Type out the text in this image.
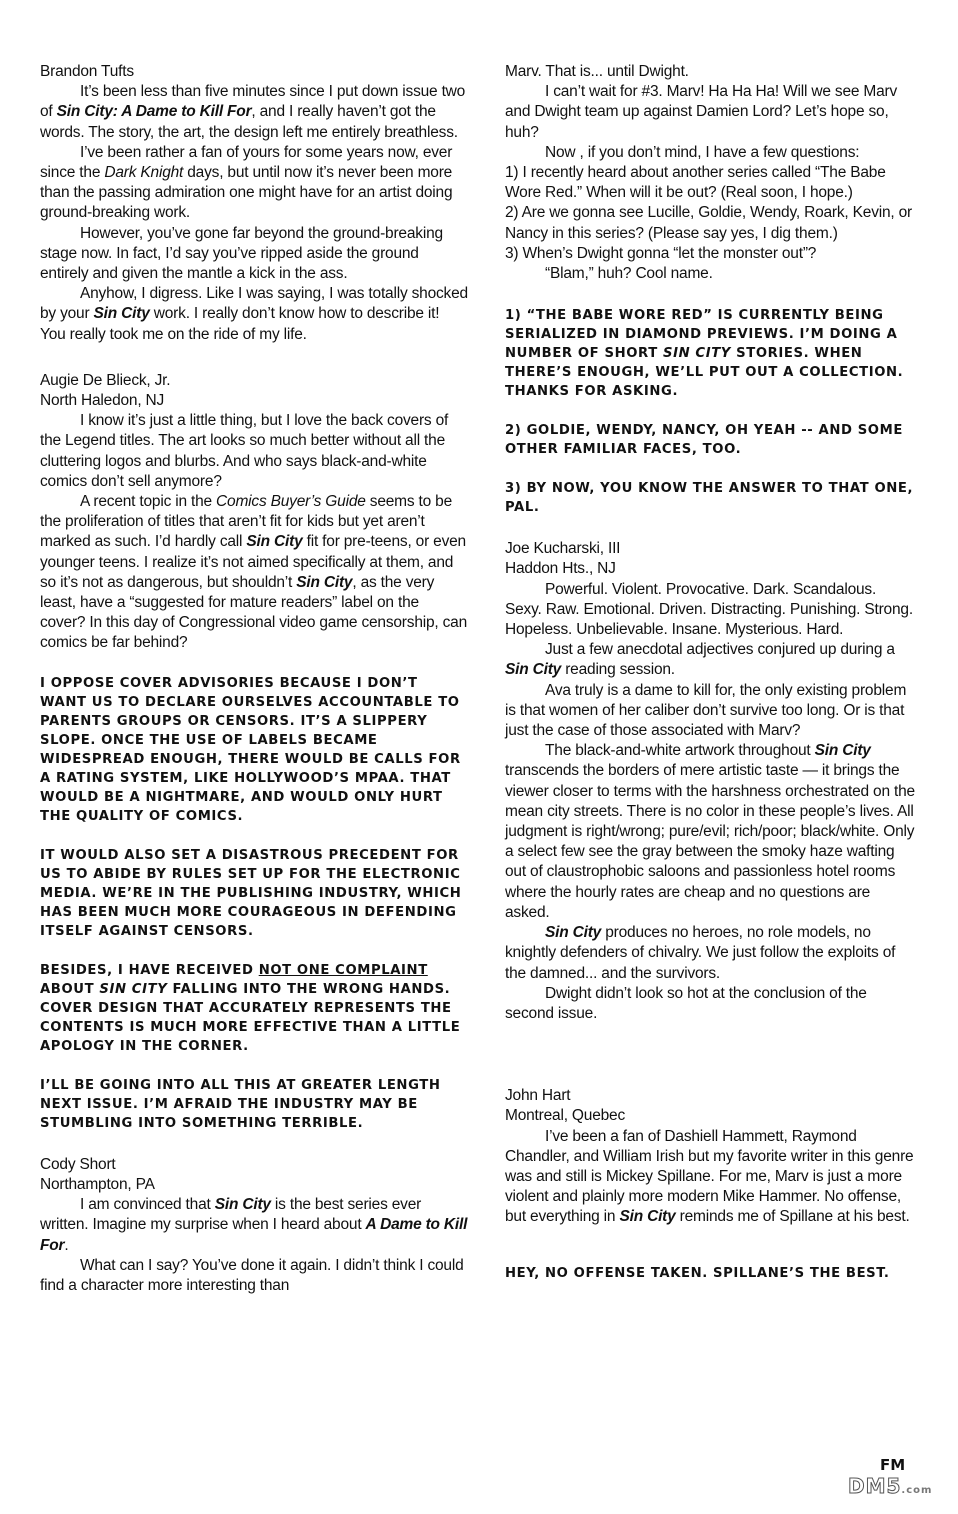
Brandon Tufts

It’s been less than five minutes since I put down issue two of Sin City: A Dame to Kill For, and I really haven’t got the words. The story, the art, the design left me entirely breathless.

I’ve been rather a fan of yours for some years now, ever since the Dark Knight days, but until now it’s never been more than the passing admiration one might have for an artist doing ground-breaking work.

However, you’ve gone far beyond the ground-breaking stage now. In fact, I’d say you’ve ripped aside the ground entirely and given the mantle a kick in the ass.

Anyhow, I digress. Like I was saying, I was totally shocked by your Sin City work. I really don’t know how to describe it! You really took me on the ride of my life.

Augie De Blieck, Jr.

North Haledon, NJ

I know it’s just a little thing, but I love the back covers of the Legend titles. The art looks so much better without all the cluttering logos and blurbs. And who says black-and-white comics don’t sell anymore?

A recent topic in the Comics Buyer’s Guide seems to be the proliferation of titles that aren’t fit for kids but yet aren’t marked as such. I’d hardly call Sin City fit for pre-teens, or even younger teens. I realize it’s not aimed specifically at them, and so it’s not as dangerous, but shouldn’t Sin City, as the very least, have a “suggested for mature readers” label on the cover? In this day of Congressional video game censorship, can comics be far behind?

I OPPOSE COVER ADVISORIES BECAUSE I DON’T WANT US TO DECLARE OURSELVES ACCOUNTABLE TO PARENTS GROUPS OR CENSORS. IT’S A SLIPPERY SLOPE. ONCE THE USE OF LABELS BECAME WIDESPREAD ENOUGH, THERE WOULD BE CALLS FOR A RATING SYSTEM, LIKE HOLLYWOOD’S MPAA. THAT WOULD BE A NIGHTMARE, AND WOULD ONLY HURT THE QUALITY OF COMICS.

IT WOULD ALSO SET A DISASTROUS PRECEDENT FOR US TO ABIDE BY RULES SET UP FOR THE ELECTRONIC MEDIA. WE’RE IN THE PUBLISHING INDUSTRY, WHICH HAS BEEN MUCH MORE COURAGEOUS IN DEFENDING ITSELF AGAINST CENSORS.

BESIDES, I HAVE RECEIVED NOT ONE COMPLAINT ABOUT SIN CITY FALLING INTO THE WRONG HANDS. COVER DESIGN THAT ACCURATELY REPRESENTS THE CONTENTS IS MUCH MORE EFFECTIVE THAN A LITTLE APOLOGY IN THE CORNER.

I’LL BE GOING INTO ALL THIS AT GREATER LENGTH NEXT ISSUE. I’M AFRAID THE INDUSTRY MAY BE STUMBLING INTO SOMETHING TERRIBLE.

Cody Short

Northampton, PA

I am convinced that Sin City is the best series ever written. Imagine my surprise when I heard about A Dame to Kill For.

What can I say? You’ve done it again. I didn’t think I could find a character more interesting than

Marv. That is... until Dwight.

I can’t wait for #3. Marv! Ha Ha Ha! Will we see Marv and Dwight team up against Damien Lord? Let’s hope so, huh?

Now , if you don’t mind, I have a few questions:

1) I recently heard about another series called “The Babe Wore Red.” When will it be out? (Real soon, I hope.)

2) Are we gonna see Lucille, Goldie, Wendy, Roark, Kevin, or Nancy in this series? (Please say yes, I dig them.)

3) When’s Dwight gonna “let the monster out”?

“Blam,” huh? Cool name.

1) “THE BABE WORE RED” IS CURRENTLY BEING SERIALIZED IN DIAMOND PREVIEWS. I’M DOING A NUMBER OF SHORT SIN CITY STORIES. WHEN THERE’S ENOUGH, WE’LL PUT OUT A COLLECTION. THANKS FOR ASKING.

2) GOLDIE, WENDY, NANCY, OH YEAH -- AND SOME OTHER FAMILIAR FACES, TOO.

3) BY NOW, YOU KNOW THE ANSWER TO THAT ONE, PAL.

Joe Kucharski, III

Haddon Hts., NJ

Powerful. Violent. Provocative. Dark. Scandalous. Sexy. Raw. Emotional. Driven. Distracting. Punishing. Strong. Hopeless. Unbelievable. Insane. Mysterious. Hard.

Just a few anecdotal adjectives conjured up during a Sin City reading session.

Ava truly is a dame to kill for, the only existing problem is that women of her caliber don’t survive too long. Or is that just the case of those associated with Marv?

The black-and-white artwork throughout Sin City transcends the borders of mere artistic taste — it brings the viewer closer to terms with the harshness orchestrated on the mean city streets. There is no color in these people’s lives. All judgment is right/wrong; pure/evil; rich/poor; black/white. Only a select few see the gray between the smoky haze wafting out of claustrophobic saloons and passionless hotel rooms where the hourly rates are cheap and no questions are asked.

Sin City produces no heroes, no role models, no knightly defenders of chivalry. We just follow the exploits of the damned... and the survivors.

Dwight didn’t look so hot at the conclusion of the second issue.

John Hart

Montreal, Quebec

I’ve been a fan of Dashiell Hammett, Raymond Chandler, and William Irish but my favorite writer in this genre was and still is Mickey Spillane. For me, Marv is just a more violent and plainly more modern Mike Hammer. No offense, but everything in Sin City reminds me of Spillane at his best.

HEY, NO OFFENSE TAKEN. SPILLANE’S THE BEST.

FM
DM5.com
